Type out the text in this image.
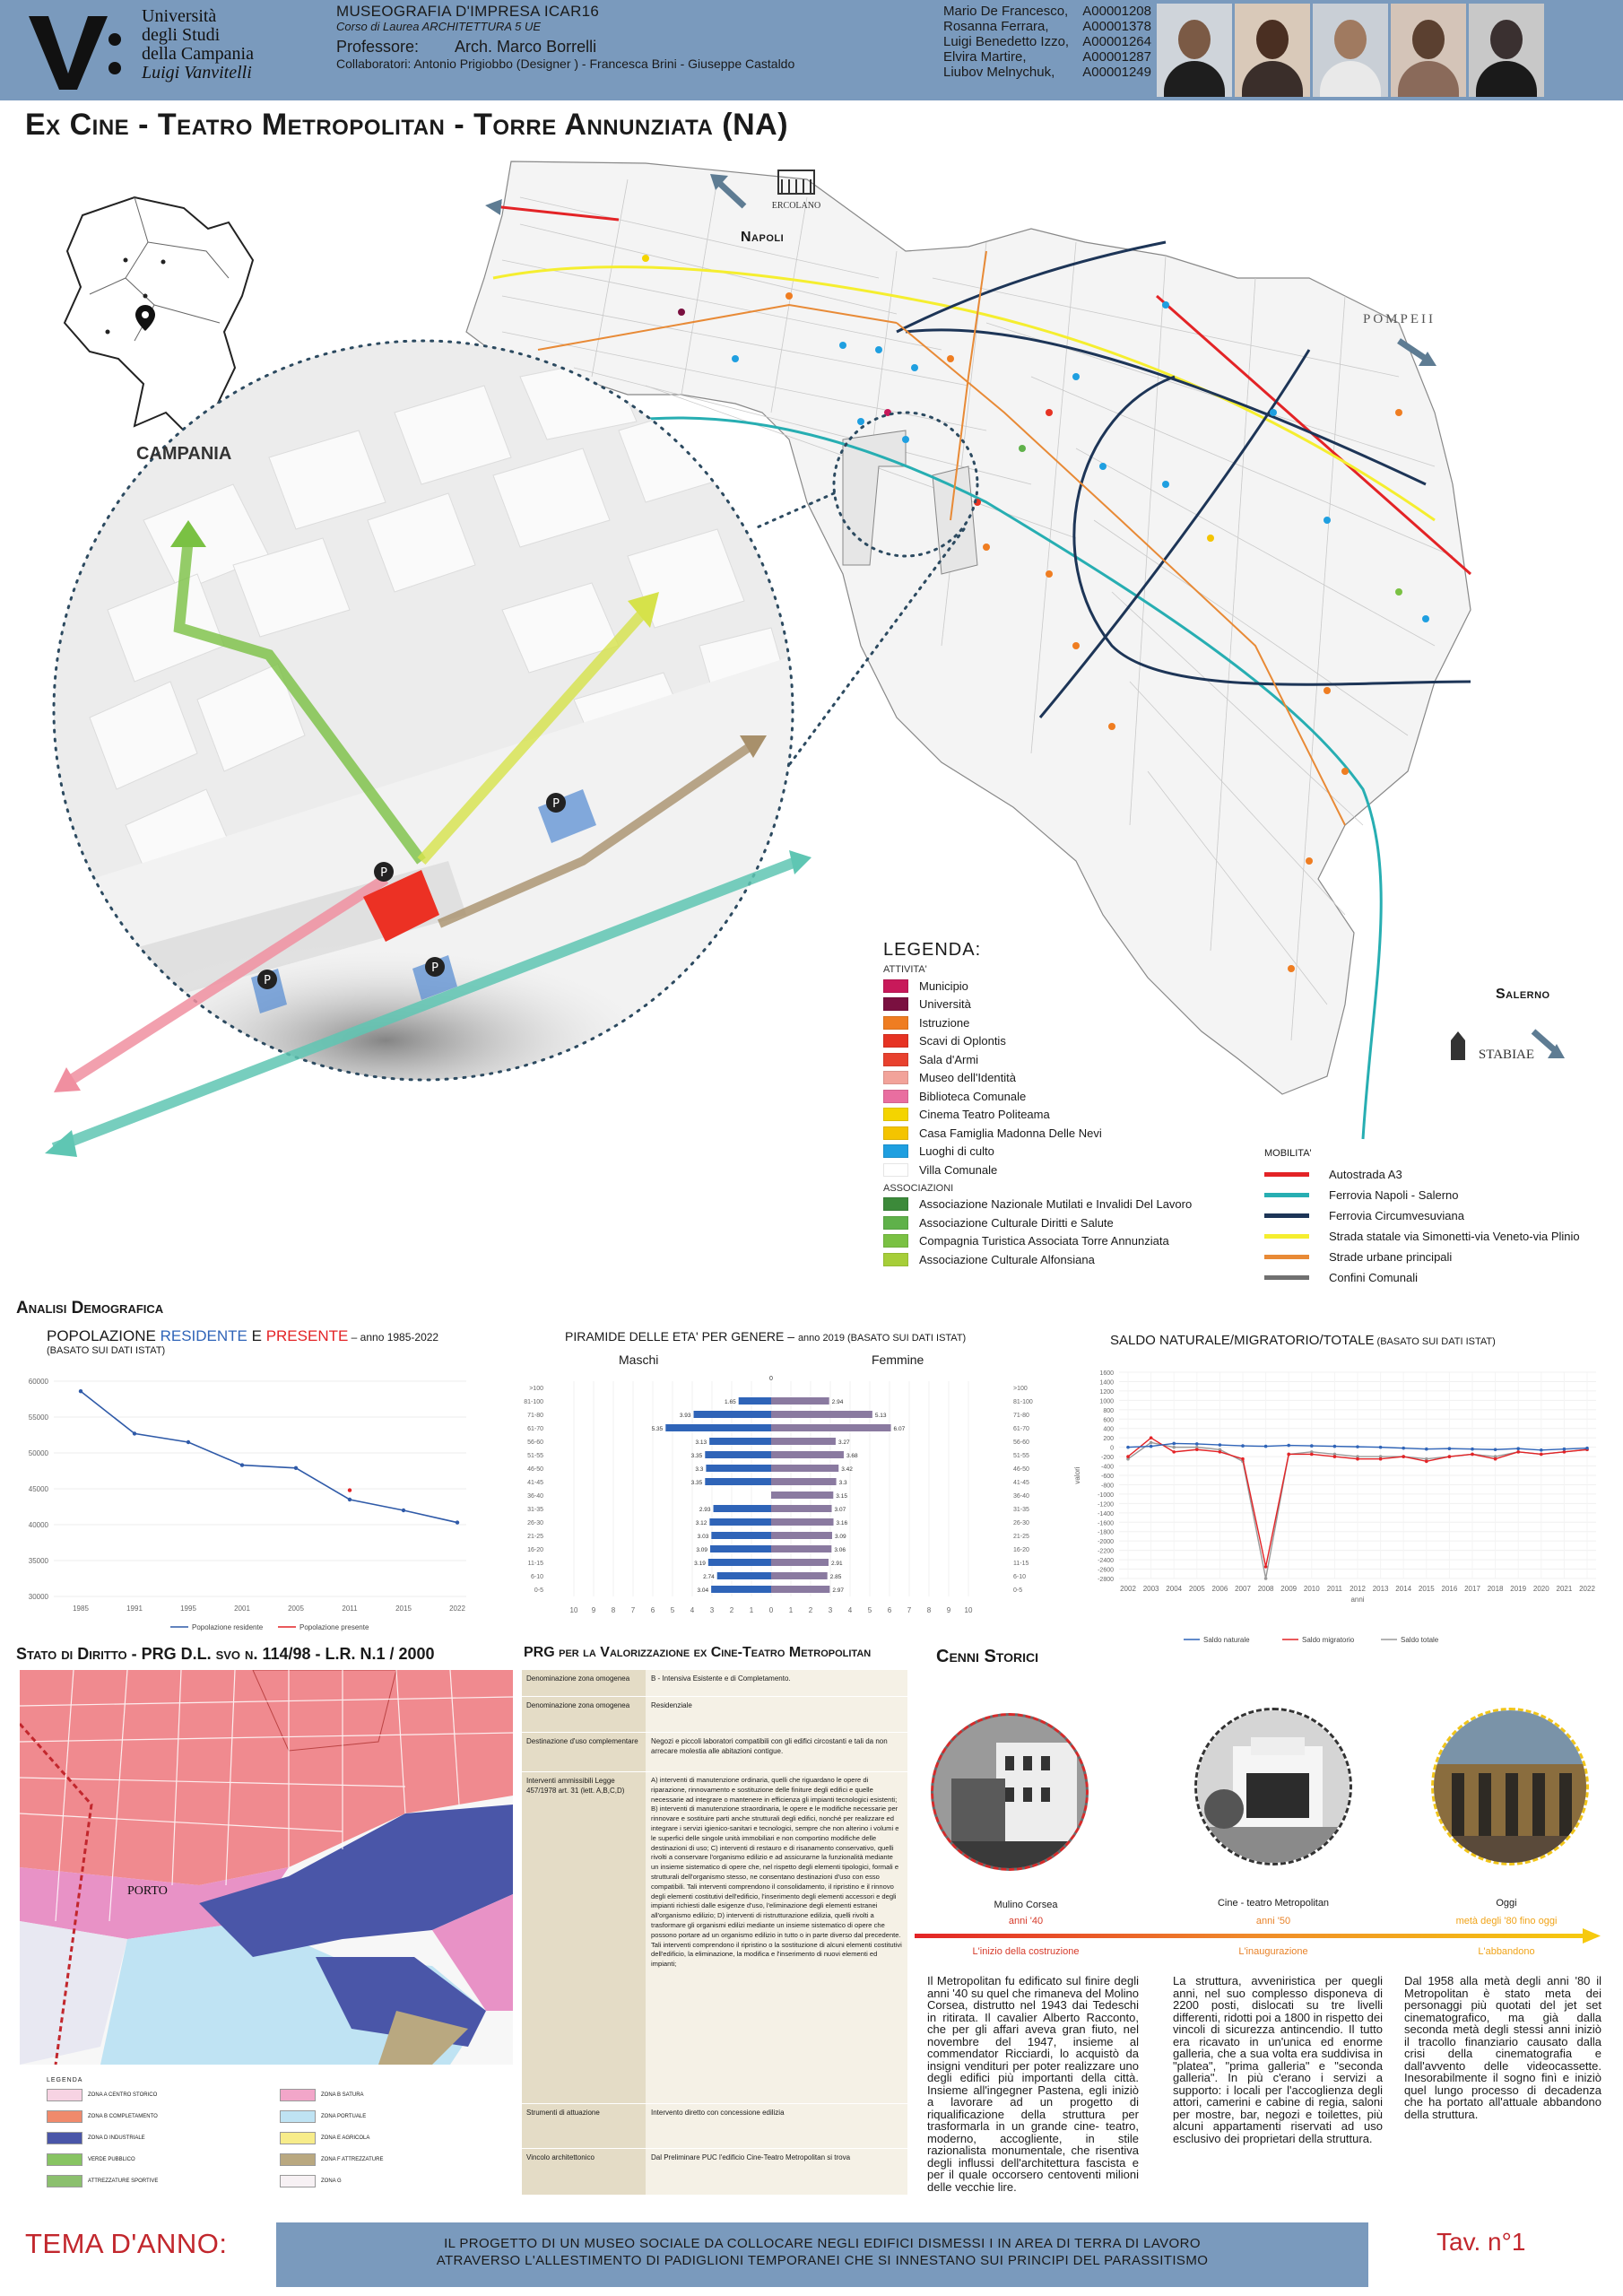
Università
degli Studi
della Campania
Luigi Vanvitelli
MUSEOGRAFIA D'IMPRESA ICAR16
Corso di Laurea ARCHITETTURA 5 UE
Professore: Arch. Marco Borrelli
Collaboratori: Antonio Prigiobbo (Designer ) - Francesca Brini - Giuseppe Castaldo
Mario De Francesco, A00001208
Rosanna Ferrara,	A00001378
Luigi Benedetto Izzo, A00001264
Elvira Martire,	A00001287
Liubov Melnychuk, A00001249
Ex Cine - Teatro Metropolitan - Torre Annunziata (NA)
P
P
P
P
ERCOLANO
STABIAE
POMPEII
CAMPANIA
Napoli
Salerno
LEGENDA:
ATTIVITA'
Municipio
Università
Istruzione
Scavi di Oplontis
Sala d'Armi
Museo dell'Identità
Biblioteca Comunale
Cinema Teatro Politeama
Casa Famiglia Madonna Delle Nevi
Luoghi di culto
Villa Comunale
ASSOCIAZIONI
Associazione Nazionale Mutilati e Invalidi Del Lavoro
Associazione Culturale Diritti e Salute
Compagnia Turistica Associata Torre Annunziata
Associazione Culturale Alfonsiana
MOBILITA'
Autostrada A3
Ferrovia Napoli - Salerno
Ferrovia Circumvesuviana
Strada statale via Simonetti-via Veneto-via Plinio
Strade urbane principali
Confini Comunali
Analisi Demografica
POPOLAZIONE RESIDENTE E PRESENTE – anno 1985-2022
(BASATO SUI DATI ISTAT)
30000
35000
40000
45000
50000
55000
60000
1985	1991	1995	2001	2005	2011	2015	2022
Popolazione residente	Popolazione presente
PIRAMIDE DELLE ETA' PER GENERE – anno 2019 (BASATO SUI DATI ISTAT)
Maschi	Femmine
10 9 8 7 6 5 4 3 2 1 0 1 2 3 4 5 6 7 8 9 10
>100	>100
81-100	81-100
1.65	2.94
71-80	71-80
3.93	5.13
61-70	61-70
5.35	6.07
56-60	56-60
3.13	3.27
51-55	51-55
3.35	3.68
46-50	46-50
3.3	3.42
41-45	41-45
3.35	3.3
36-40	36-40
3.15
31-35	31-35
2.93	3.07
26-30	26-30
3.12	3.16
21-25	21-25
3.03	3.09
16-20	16-20
3.09	3.06
11-15	11-15
3.19	2.91
6-10	6-10
2.74	2.85
0-5	0-5
3.04	2.97
0
SALDO NATURALE/MIGRATORIO/TOTALE (BASATO SUI DATI ISTAT)
1600
1400
1200
1000
800
600
400
200
0
-200
-400
-600
-800
-1000
-1200
-1400
-1600
-1800
-2000
-2200
-2400
-2600
-2800
2002 2003 2004 2005 2006 2007 2008 2009 2010 2011 2012 2013 2014 2015 2016 2017 2018 2019 2020 2021 2022
valori
anni
Saldo naturale	Saldo migratorio	Saldo totale
Stato di Diritto - PRG D.L. svo n. 114/98 - L.R. N.1 / 2000
PORTO
LEGENDA
ZONA A CENTRO STORICO	ZONA B SATURA
ZONA B COMPLETAMENTO	ZONA PORTUALE
ZONA D INDUSTRIALE	ZONA E AGRICOLA
VERDE PUBBLICO	ZONA F ATTREZZATURE
ATTREZZATURE SPORTIVE	ZONA G
PRG per la Valorizzazione ex Cine-Teatro Metropolitan
Denominazione zona omogenea	B - Intensiva Esistente e di Completamento.
Denominazione zona omogenea	Residenziale
Destinazione d'uso complementare	Negozi e piccoli laboratori compatibili con gli edifici circostanti e tali da non arrecare molestia alle abitazioni contigue.
Interventi ammissibili Legge 457/1978 art. 31 (lett. A,B,C,D)
A) interventi di manutenzione ordinaria, quelli che riguardano le opere di riparazione, rinnovamento e sostituzione delle finiture degli edifici e quelle necessarie ad integrare o mantenere in efficienza gli impianti tecnologici esistenti; B) interventi di manutenzione straordinaria, le opere e le modifiche necessarie per rinnovare e sostituire parti anche strutturali degli edifici, nonché per realizzare ed integrare i servizi igienico-sanitari e tecnologici, sempre che non alterino i volumi e le superfici delle singole unità immobiliari e non comportino modifiche delle destinazioni di uso; C) interventi di restauro e di risanamento conservativo, quelli rivolti a conservare l'organismo edilizio e ad assicurarne la funzionalità mediante un insieme sistematico di opere che, nel rispetto degli elementi tipologici, formali e strutturali dell'organismo stesso, ne consentano destinazioni d'uso con esso compatibili. Tali interventi comprendono il consolidamento, il ripristino e il rinnovo degli elementi costitutivi dell'edificio, l'inserimento degli elementi accessori e degli impianti richiesti dalle esigenze d'uso, l'eliminazione degli elementi estranei all'organismo edilizio; D) interventi di ristrutturazione edilizia, quelli rivolti a trasformare gli organismi edilizi mediante un insieme sistematico di opere che possono portare ad un organismo edilizio in tutto o in parte diverso dal precedente. Tali interventi comprendono il ripristino o la sostituzione di alcuni elementi costitutivi dell'edificio, la eliminazione, la modifica e l'inserimento di nuovi elementi ed impianti;
Strumenti di attuazione	Intervento diretto con concessione edilizia
Vincolo architettonico	Dal Preliminare PUC l'edificio Cine-Teatro Metropolitan si trova
Cenni Storici
Mulino Corsea	Cine - teatro Metropolitan	Oggi
anni '40	anni '50	metà degli '80 fino oggi
L'inizio della costruzione	L'inaugurazione	L'abbandono
Il Metropolitan fu edificato sul finire degli anni '40 su quel che rimaneva del Molino Corsea, distrutto nel 1943 dai Tedeschi in ritirata. Il cavalier Alberto Racconto, che per gli affari aveva gran fiuto, nel novembre del 1947, insieme al commendator Ricciardi, lo acquistò da insigni vendituri per poter realizzare uno degli edifici più importanti della città. Insieme all'ingegner Pastena, egli iniziò a lavorare ad un progetto di riqualificazione della struttura per trasformarla in un grande cine- teatro, moderno, accogliente, in stile razionalista monumentale, che risentiva degli influssi dell'architettura fascista e per il quale occorsero centoventi milioni delle vecchie lire.
La struttura, avveniristica per quegli anni, nel suo complesso disponeva di 2200 posti, dislocati su tre livelli differenti, ridotti poi a 1800 in rispetto dei vincoli di sicurezza antincendio. Il tutto era ricavato in un'unica ed enorme galleria, che a sua volta era suddivisa in "platea", "prima galleria" e "seconda galleria". In più c'erano i servizi a supporto: i locali per l'accoglienza degli attori, camerini e cabine di regia, saloni per mostre, bar, negozi e toilettes, più alcuni appartamenti riservati ad uso esclusivo dei proprietari della struttura.
Dal 1958 alla metà degli anni '80 il Metropolitan è stato meta dei personaggi più quotati del jet set cinematografico, ma già dalla seconda metà degli stessi anni iniziò il tracollo finanziario causato dalla crisi della cinematografia e dall'avvento delle videocassette. Inesorabilmente il sogno finì e iniziò quel lungo processo di decadenza che ha portato all'attuale abbandono della struttura.
TEMA D'ANNO:	IL PROGETTO DI UN MUSEO SOCIALE DA COLLOCARE NEGLI EDIFICI DISMESSI I IN AREA DI TERRA DI LAVORO
ATRAVERSO L'ALLESTIMENTO DI PADIGLIONI TEMPORANEI CHE SI INNESTANO SUI PRINCIPI DEL PARASSITISMO
Tav. n°1
